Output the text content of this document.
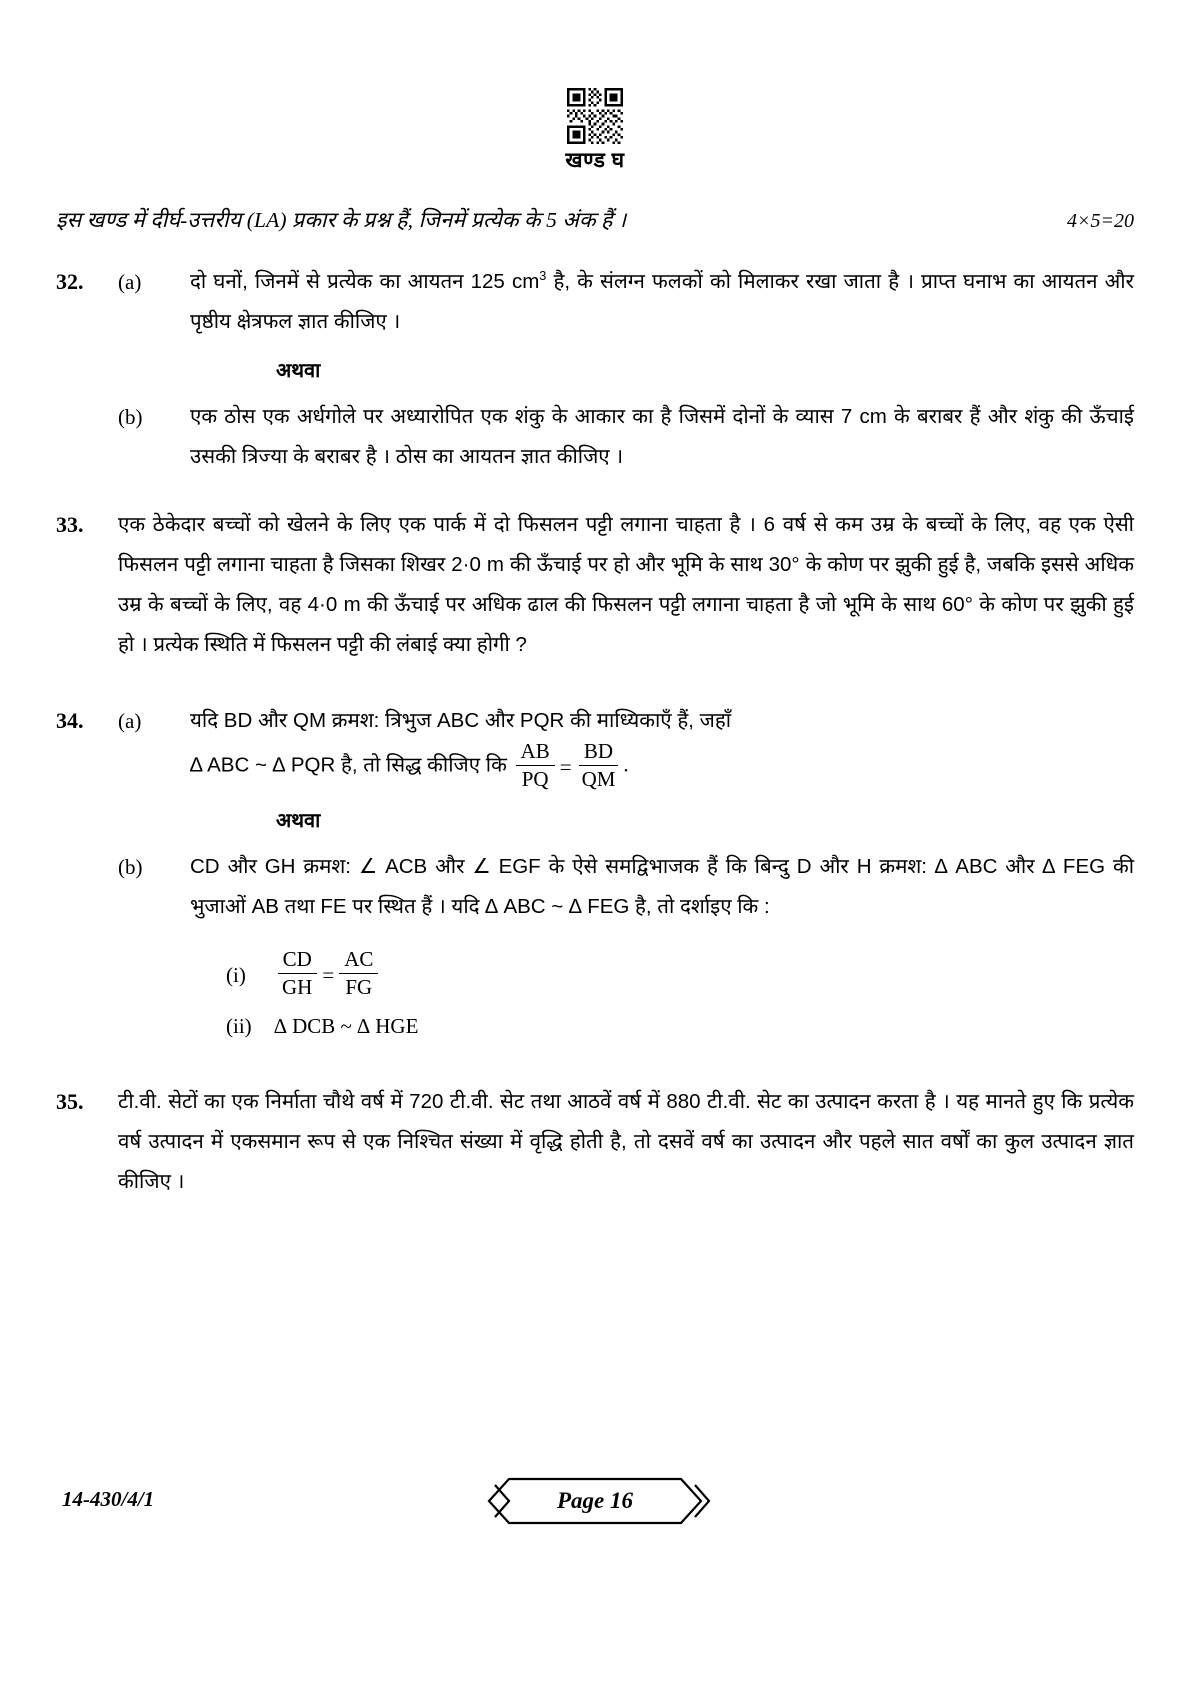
खण्ड घ
इस खण्ड में दीर्घ-उत्तरीय (LA) प्रकार के प्रश्न हैं, जिनमें प्रत्येक के 5 अंक हैं ।	4×5=20
32.	(a)	दो घनों, जिनमें से प्रत्येक का आयतन 125 $cm^3$ है, के संलग्न फलकों को मिलाकर रखा जाता है । प्राप्त घनाभ का आयतन और पृष्ठीय क्षेत्रफल ज्ञात कीजिए ।
अथवा
(b)	एक ठोस एक अर्धगोले पर अध्यारोपित एक शंकु के आकार का है जिसमें दोनों के व्यास 7 cm के बराबर हैं और शंकु की ऊँचाई उसकी त्रिज्या के बराबर है । ठोस का आयतन ज्ञात कीजिए ।
33.	एक ठेकेदार बच्चों को खेलने के लिए एक पार्क में दो फिसलन पट्टी लगाना चाहता है । 6 वर्ष से कम उम्र के बच्चों के लिए, वह एक ऐसी फिसलन पट्टी लगाना चाहता है जिसका शिखर 2·0 m की ऊँचाई पर हो और भूमि के साथ 30° के कोण पर झुकी हुई है, जबकि इससे अधिक उम्र के बच्चों के लिए, वह 4·0 m की ऊँचाई पर अधिक ढाल की फिसलन पट्टी लगाना चाहता है जो भूमि के साथ 60° के कोण पर झुकी हुई हो । प्रत्येक स्थिति में फिसलन पट्टी की लंबाई क्या होगी ?
34.	(a)	यदि BD और QM क्रमश: त्रिभुज ABC और PQR की माध्यिकाएँ हैं, जहाँ
∆ ABC ~ ∆ PQR है, तो सिद्ध कीजिए कि $\frac{AB}{PQ} = \frac{BD}{QM}$ .
अथवा
(b)	CD और GH क्रमश: ∠ ACB और ∠ EGF के ऐसे समद्विभाजक हैं कि बिन्दु D और H क्रमश: ∆ ABC और ∆ FEG की भुजाओं AB तथा FE पर स्थित हैं । यदि ∆ ABC ~ ∆ FEG है, तो दर्शाइए कि :
(i)	$\frac{CD}{GH} = \frac{AC}{FG}$
(ii)	∆ DCB ~ ∆ HGE
35.	टी.वी. सेटों का एक निर्माता चौथे वर्ष में 720 टी.वी. सेट तथा आठवें वर्ष में 880 टी.वी. सेट का उत्पादन करता है । यह मानते हुए कि प्रत्येक वर्ष उत्पादन में एकसमान रूप से एक निश्चित संख्या में वृद्धि होती है, तो दसवें वर्ष का उत्पादन और पहले सात वर्षों का कुल उत्पादन ज्ञात कीजिए ।
14-430/4/1	Page 16
